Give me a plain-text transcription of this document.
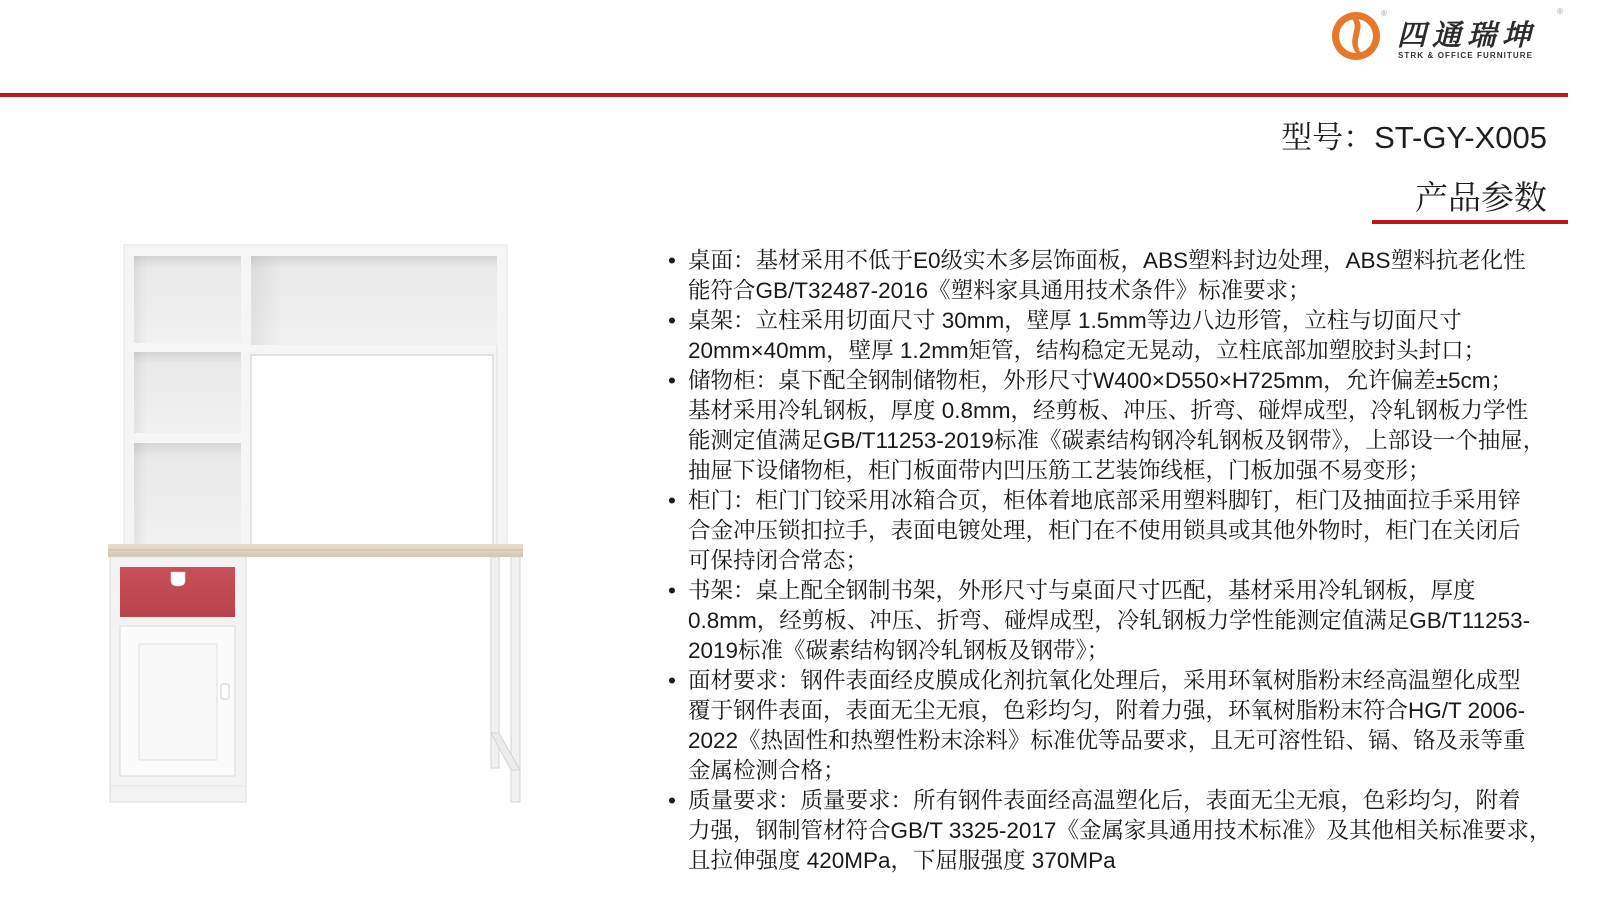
®
四通瑞坤
®
STRK & OFFICE FURNITURE
型号：ST-GY-X005
产品参数
• 桌面：基材采用不低于E0级实木多层饰面板，ABS塑料封边处理，ABS塑料抗老化性
能符合GB/T32487-2016《塑料家具通用技术条件》标准要求；
• 桌架：立柱采用切面尺寸 30mm，壁厚 1.5mm等边八边形管，立柱与切面尺寸
20mm×40mm，壁厚 1.2mm矩管，结构稳定无晃动，立柱底部加塑胶封头封口；
• 储物柜：桌下配全钢制储物柜，外形尺寸W400×D550×H725mm，允许偏差±5cm；
基材采用冷轧钢板，厚度 0.8mm，经剪板、冲压、折弯、碰焊成型，冷轧钢板力学性
能测定值满足GB/T11253-2019标准《碳素结构钢冷轧钢板及钢带》，上部设一个抽屉，
抽屉下设储物柜，柜门板面带内凹压筋工艺装饰线框，门板加强不易变形；
• 柜门：柜门门铰采用冰箱合页，柜体着地底部采用塑料脚钉，柜门及抽面拉手采用锌
合金冲压锁扣拉手，表面电镀处理，柜门在不使用锁具或其他外物时，柜门在关闭后
可保持闭合常态；
• 书架：桌上配全钢制书架，外形尺寸与桌面尺寸匹配，基材采用冷轧钢板，厚度
0.8mm，经剪板、冲压、折弯、碰焊成型，冷轧钢板力学性能测定值满足GB/T11253-
2019标准《碳素结构钢冷轧钢板及钢带》；
• 面材要求：钢件表面经皮膜成化剂抗氧化处理后，采用环氧树脂粉末经高温塑化成型
覆于钢件表面，表面无尘无痕，色彩均匀，附着力强，环氧树脂粉末符合HG/T 2006-
2022《热固性和热塑性粉末涂料》标准优等品要求，且无可溶性铅、镉、铬及汞等重
金属检测合格；
• 质量要求：质量要求：所有钢件表面经高温塑化后，表面无尘无痕，色彩均匀，附着
力强，钢制管材符合GB/T 3325-2017《金属家具通用技术标准》及其他相关标准要求，
且拉伸强度 420MPa，下屈服强度 370MPa
